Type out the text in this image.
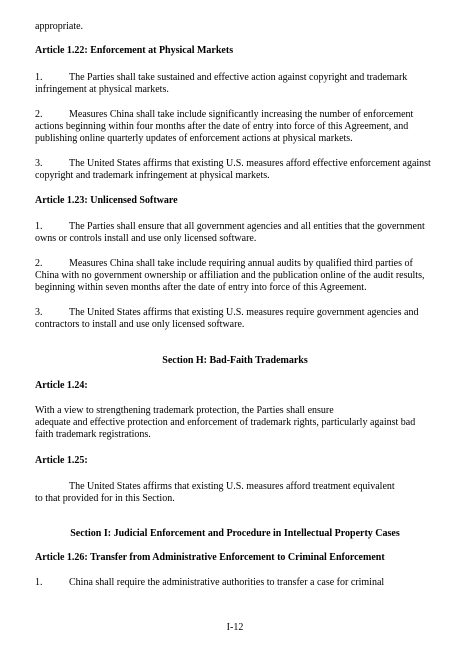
appropriate.
Article 1.22: Enforcement at Physical Markets
1.	The Parties shall take sustained and effective action against copyright and trademark
infringement at physical markets.
2.	Measures China shall take include significantly increasing the number of enforcement
actions beginning within four months after the date of entry into force of this Agreement, and
publishing online quarterly updates of enforcement actions at physical markets.
3.	The United States affirms that existing U.S. measures afford effective enforcement against
copyright and trademark infringement at physical markets.
Article 1.23: Unlicensed Software
1.	The Parties shall ensure that all government agencies and all entities that the government
owns or controls install and use only licensed software.
2.	Measures China shall take include requiring annual audits by qualified third parties of
China with no government ownership or affiliation and the publication online of the audit results,
beginning within seven months after the date of entry into force of this Agreement.
3.	The United States affirms that existing U.S. measures require government agencies and
contractors to install and use only licensed software.
Section H: Bad-Faith Trademarks
Article 1.24:
With a view to strengthening trademark protection, the Parties shall ensure
adequate and effective protection and enforcement of trademark rights, particularly against bad
faith trademark registrations.
Article 1.25:
The United States affirms that existing U.S. measures afford treatment equivalent
to that provided for in this Section.
Section I: Judicial Enforcement and Procedure in Intellectual Property Cases
Article 1.26: Transfer from Administrative Enforcement to Criminal Enforcement
1.	China shall require the administrative authorities to transfer a case for criminal
I-12
